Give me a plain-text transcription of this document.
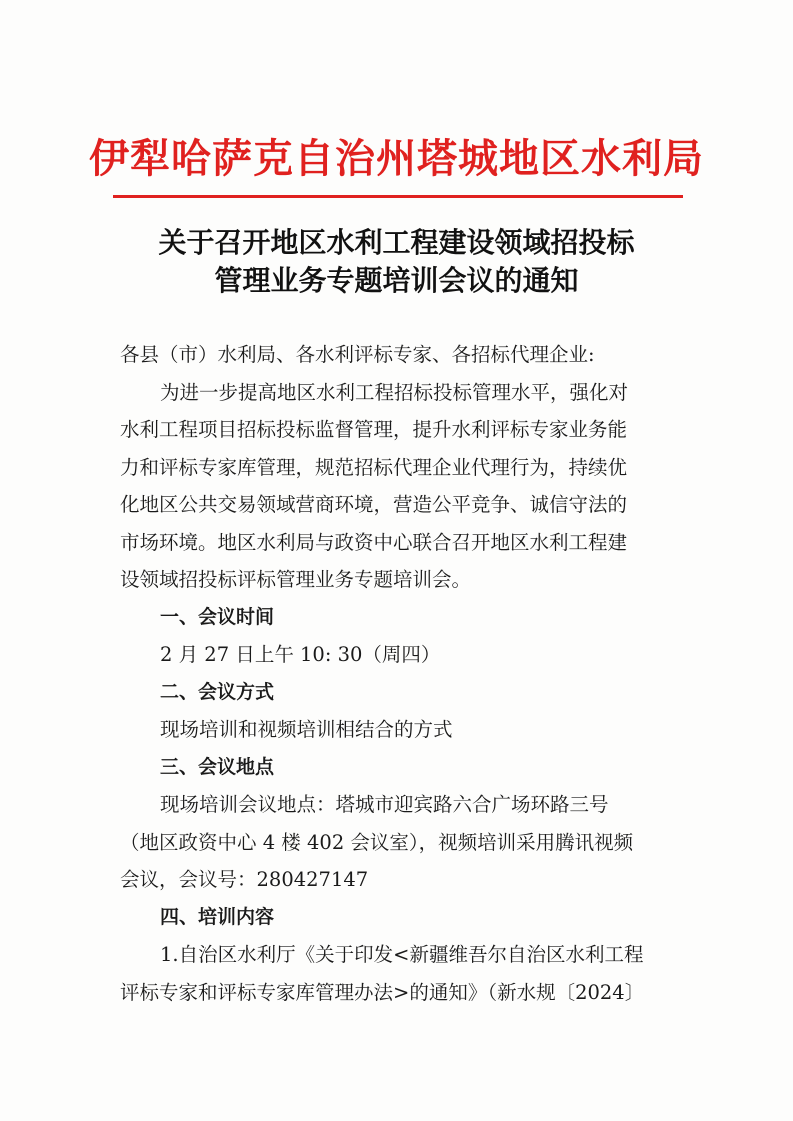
伊犁哈萨克自治州塔城地区水利局
关于召开地区水利工程建设领域招投标
管理业务专题培训会议的通知
各县（市）水利局、各水利评标专家、各招标代理企业:
为进一步提高地区水利工程招标投标管理水平，强化对
水利工程项目招标投标监督管理，提升水利评标专家业务能
力和评标专家库管理，规范招标代理企业代理行为，持续优
化地区公共交易领域营商环境，营造公平竞争、诚信守法的
市场环境。地区水利局与政资中心联合召开地区水利工程建
设领域招投标评标管理业务专题培训会。
一、会议时间
2 月 27 日上午 10: 30（周四）
二、会议方式
现场培训和视频培训相结合的方式
三、会议地点
现场培训会议地点：塔城市迎宾路六合广场环路三号
（地区政资中心 4 楼 402 会议室），视频培训采用腾讯视频
会议，会议号：280427147
四、培训内容
1.自治区水利厅《关于印发<新疆维吾尔自治区水利工程
评标专家和评标专家库管理办法>的通知》（新水规〔2024〕
